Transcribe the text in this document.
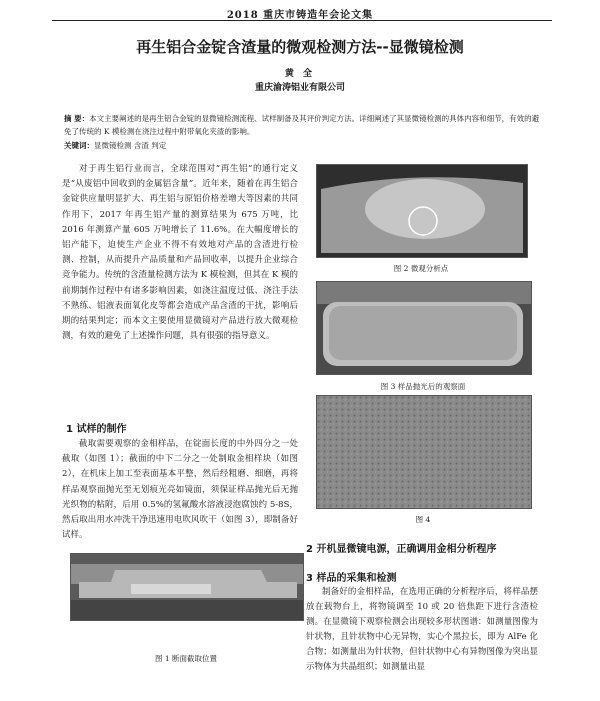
2018 重庆市铸造年会论文集
再生铝合金锭含渣量的微观检测方法--显微镜检测
黄 全
重庆渝涛铝业有限公司
摘 要：本文主要阐述的是再生铝合金锭的显微镜检测流程、试样制备及其评价判定方法。详细阐述了其显微镜检测的具体内容和细节，有效的避免了传统的 K 模检测在浇注过程中附带氧化夹渣的影响。
关键词：显微镜检测 含渣 判定

对于再生铝行业而言，全球范围对“再生铝”的通行定义是“从废铝中回收到的金属铝含量”。近年来，随着在再生铝合金锭供应量明显扩大、再生铝与原铝价格差增大等因素的共同作用下，2017 年再生铝产量的测算结果为 675 万吨，比 2016 年测算产量 605 万吨增长了 11.6%。在大幅度增长的铝产能下，迫使生产企业不得不有效地对产品的含渣进行检测、控制，从而提升产品质量和产品回收率，以提升企业综合竞争能力。传统的含渣量检测方法为 K 模检测，但其在 K 模的前期制作过程中有诸多影响因素，如浇注温度过低、浇注手法不熟练、铝液表面氧化皮等都会造成产品含渣的干扰，影响后期的结果判定；而本文主要使用显微镜对产品进行放大微观检测，有效的避免了上述操作问题，具有很强的指导意义。

1 试样的制作

截取需要观察的金相样品，在锭面长度的中外四分之一处截取（如图 1）；截面的中下二分之一处制取金相样块（如图 2），在机床上加工至表面基本平整，然后经粗磨、细磨，再将样品观察面抛光至无划痕光亮如镜面，须保证样品抛光后无抛光织物的粘附，后用 0.5%的氢氟酸水溶液浸泡腐蚀约 5-8S，然后取出用水冲洗干净迅速用电吹风吹干（如图 3），即制备好试样。

图 1 断面截取位置
图 2 微观分析点
图 3 样品抛光后的观察面
图 4
2 开机显微镜电源，正确调用金相分析程序
3 样品的采集和检测

制备好的金相样品，在选用正确的分析程序后，将样品摆放在载物台上，将物镜调至 10 或 20 倍焦距下进行含渣检测。在显微镜下观察检测会出现较多形状图谱：如测量图像为针状物，且针状物中心无异物，实心个黑拉长，即为 AlFe 化合物；如测量出为针状物，但针状物中心有异物图像为突出显示物体为共晶组织；如测量出显
